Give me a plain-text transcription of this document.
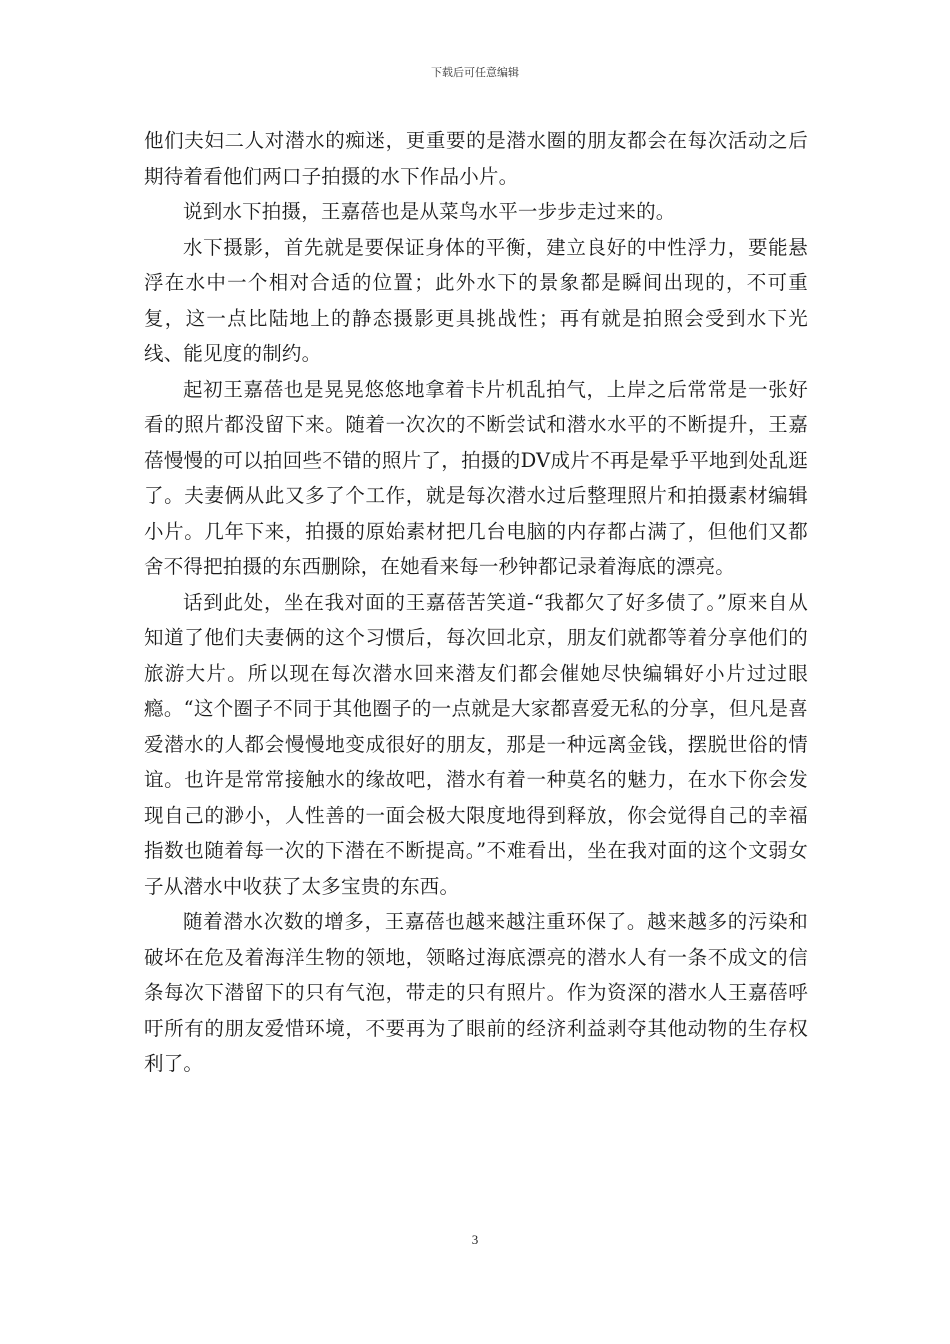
下载后可任意编辑

他们夫妇二人对潜水的痴迷，更重要的是潜水圈的朋友都会在每次活动之后期待着看他们两口子拍摄的水下作品小片。

说到水下拍摄，王嘉蓓也是从菜鸟水平一步步走过来的。

水下摄影，首先就是要保证身体的平衡，建立良好的中性浮力，要能悬浮在水中一个相对合适的位置；此外水下的景象都是瞬间出现的，不可重复，这一点比陆地上的静态摄影更具挑战性；再有就是拍照会受到水下光线、能见度的制约。

起初王嘉蓓也是晃晃悠悠地拿着卡片机乱拍气，上岸之后常常是一张好看的照片都没留下来。随着一次次的不断尝试和潜水水平的不断提升，王嘉蓓慢慢的可以拍回些不错的照片了，拍摄的DV成片不再是晕乎平地到处乱逛了。夫妻俩从此又多了个工作，就是每次潜水过后整理照片和拍摄素材编辑小片。几年下来，拍摄的原始素材把几台电脑的内存都占满了，但他们又都舍不得把拍摄的东西删除，在她看来每一秒钟都记录着海底的漂亮。

话到此处，坐在我对面的王嘉蓓苦笑道-“我都欠了好多债了。”原来自从知道了他们夫妻俩的这个习惯后，每次回北京，朋友们就都等着分享他们的旅游大片。所以现在每次潜水回来潜友们都会催她尽快编辑好小片过过眼瘾。“这个圈子不同于其他圈子的一点就是大家都喜爱无私的分享，但凡是喜爱潜水的人都会慢慢地变成很好的朋友，那是一种远离金钱，摆脱世俗的情谊。也许是常常接触水的缘故吧，潜水有着一种莫名的魅力，在水下你会发现自己的渺小，人性善的一面会极大限度地得到释放，你会觉得自己的幸福指数也随着每一次的下潜在不断提高。”不难看出，坐在我对面的这个文弱女子从潜水中收获了太多宝贵的东西。

随着潜水次数的增多，王嘉蓓也越来越注重环保了。越来越多的污染和破坏在危及着海洋生物的领地，领略过海底漂亮的潜水人有一条不成文的信条每次下潜留下的只有气泡，带走的只有照片。作为资深的潜水人王嘉蓓呼吁所有的朋友爱惜环境，不要再为了眼前的经济利益剥夺其他动物的生存权利了。

3
